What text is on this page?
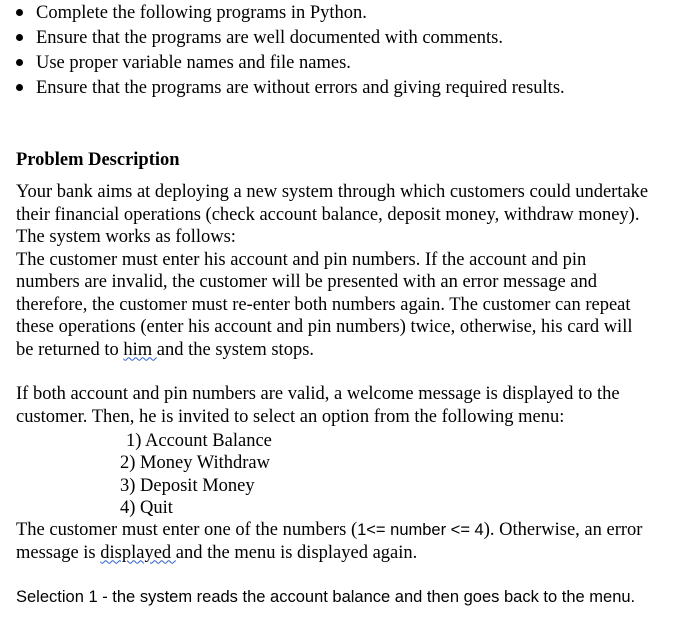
Complete the following programs in Python.
Ensure that the programs are well documented with comments.
Use proper variable names and file names.
Ensure that the programs are without errors and giving required results.
Problem Description
Your bank aims at deploying a new system through which customers could undertake
their financial operations (check account balance, deposit money, withdraw money).
The system works as follows:
The customer must enter his account and pin numbers. If the account and pin
numbers are invalid, the customer will be presented with an error message and
therefore, the customer must re-enter both numbers again. The customer can repeat
these operations (enter his account and pin numbers) twice, otherwise, his card will
be returned to him and the system stops.
If both account and pin numbers are valid, a welcome message is displayed to the
customer. Then, he is invited to select an option from the following menu:
1) Account Balance
2) Money Withdraw
3) Deposit Money
4) Quit
The customer must enter one of the numbers (1<= number <= 4). Otherwise, an error
message is displayed and the menu is displayed again.
Selection 1 - the system reads the account balance and then goes back to the menu.
